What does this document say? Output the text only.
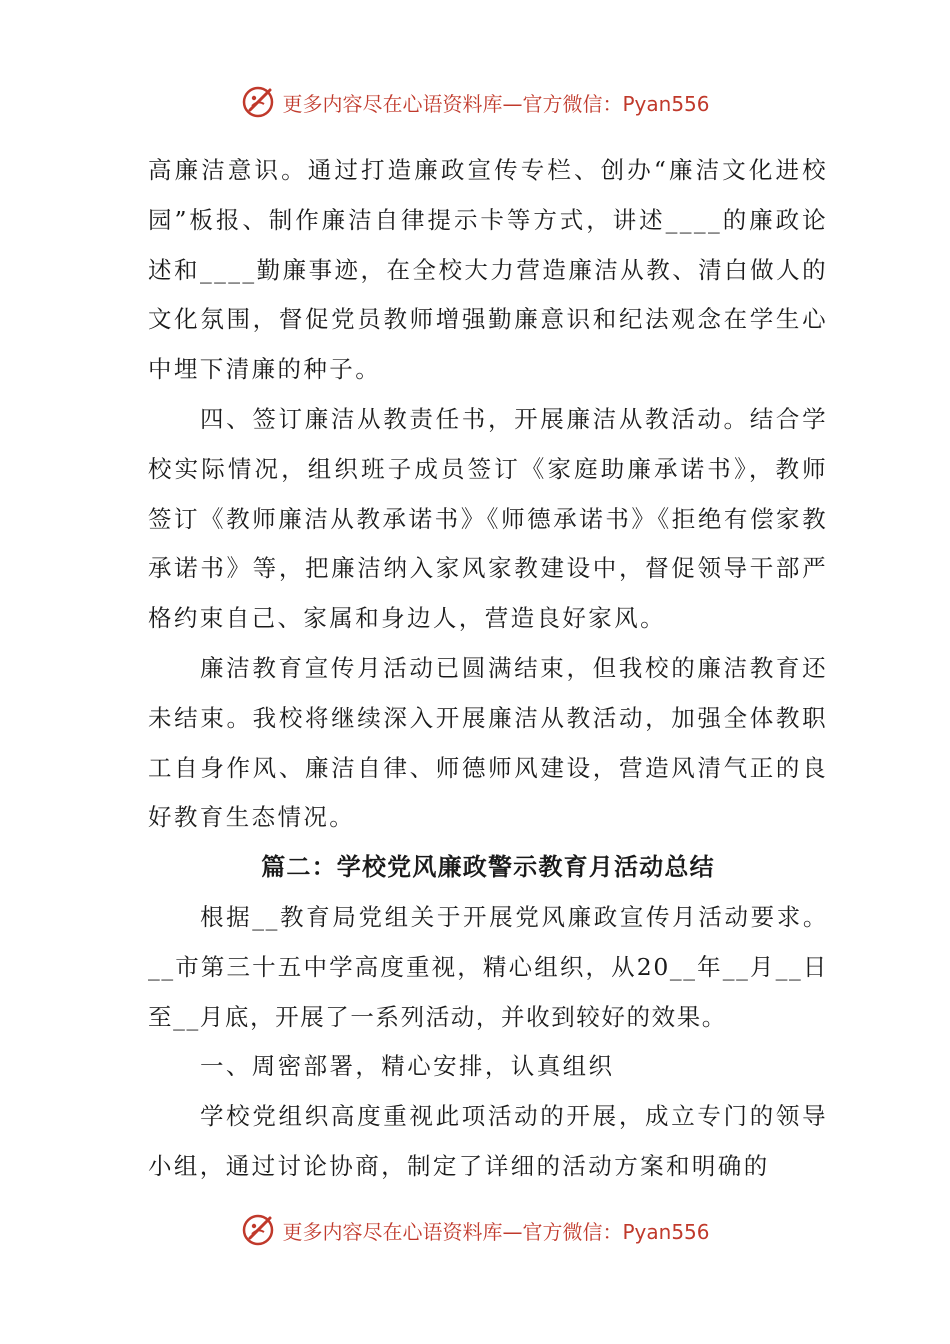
更多内容尽在心语资料库—官方微信：Pyan556

高廉洁意识。通过打造廉政宣传专栏、创办“廉洁文化进校园”板报、制作廉洁自律提示卡等方式，讲述____的廉政论述和____勤廉事迹，在全校大力营造廉洁从教、清白做人的文化氛围，督促党员教师增强勤廉意识和纪法观念在学生心中埋下清廉的种子。

四、签订廉洁从教责任书，开展廉洁从教活动。结合学校实际情况，组织班子成员签订《家庭助廉承诺书》，教师签订《教师廉洁从教承诺书》《师德承诺书》《拒绝有偿家教承诺书》等，把廉洁纳入家风家教建设中，督促领导干部严格约束自己、家属和身边人，营造良好家风。

廉洁教育宣传月活动已圆满结束，但我校的廉洁教育还未结束。我校将继续深入开展廉洁从教活动，加强全体教职工自身作风、廉洁自律、师德师风建设，营造风清气正的良好教育生态情况。

篇二：学校党风廉政警示教育月活动总结

根据__教育局党组关于开展党风廉政宣传月活动要求。__市第三十五中学高度重视，精心组织，从20__年__月__日至__月底，开展了一系列活动，并收到较好的效果。

一、周密部署，精心安排，认真组织

学校党组织高度重视此项活动的开展，成立专门的领导小组，通过讨论协商，制定了详细的活动方案和明确的

更多内容尽在心语资料库—官方微信：Pyan556
